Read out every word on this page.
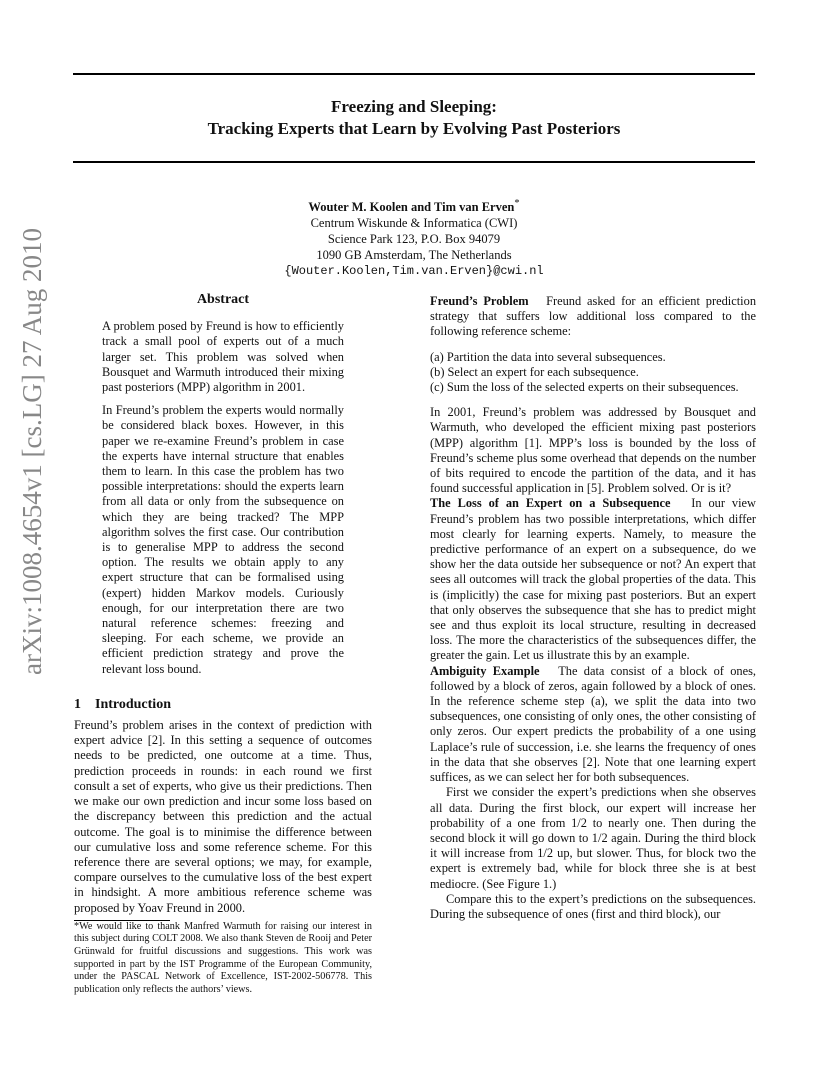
Freezing and Sleeping:
Tracking Experts that Learn by Evolving Past Posteriors
Wouter M. Koolen and Tim van Erven*
Centrum Wiskunde & Informatica (CWI)
Science Park 123, P.O. Box 94079
1090 GB Amsterdam, The Netherlands
{Wouter.Koolen,Tim.van.Erven}@cwi.nl
arXiv:1008.4654v1 [cs.LG] 27 Aug 2010	Abstract

A problem posed by Freund is how to efficiently track a small pool of experts out of a much larger set. This problem was solved when Bousquet and Warmuth introduced their mixing past posteriors (MPP) algorithm in 2001.

In Freund’s problem the experts would normally be considered black boxes. However, in this paper we re-examine Freund’s problem in case the experts have internal structure that enables them to learn. In this case the problem has two possible interpretations: should the experts learn from all data or only from the subsequence on which they are being tracked? The MPP algorithm solves the first case. Our contribution is to generalise MPP to address the second option. The results we obtain apply to any expert structure that can be formalised using (expert) hidden Markov models. Curiously enough, for our interpretation there are two natural reference schemes: freezing and sleeping. For each scheme, we provide an efficient prediction strategy and prove the relevant loss bound.

1 Introduction

Freund’s problem arises in the context of prediction with expert advice [2]. In this setting a sequence of outcomes needs to be predicted, one outcome at a time. Thus, prediction proceeds in rounds: in each round we first consult a set of experts, who give us their predictions. Then we make our own prediction and incur some loss based on the discrepancy between this prediction and the actual outcome. The goal is to minimise the difference between our cumulative loss and some reference scheme. For this reference there are several options; we may, for example, compare ourselves to the cumulative loss of the best expert in hindsight. A more ambitious reference scheme was proposed by Yoav Freund in 2000.

*We would like to thank Manfred Warmuth for raising our interest in this subject during COLT 2008. We also thank Steven de Rooij and Peter Grünwald for fruitful discussions and suggestions. This work was supported in part by the IST Programme of the European Community, under the PASCAL Network of Excellence, IST-2002-506778. This publication only reflects the authors’ views.

Freund’s Problem Freund asked for an efficient prediction strategy that suffers low additional loss compared to the following reference scheme:

(a) Partition the data into several subsequences.
(b) Select an expert for each subsequence.
(c) Sum the loss of the selected experts on their subsequences.

In 2001, Freund’s problem was addressed by Bousquet and Warmuth, who developed the efficient mixing past posteriors (MPP) algorithm [1]. MPP’s loss is bounded by the loss of Freund’s scheme plus some overhead that depends on the number of bits required to encode the partition of the data, and it has found successful application in [5]. Problem solved. Or is it?

The Loss of an Expert on a Subsequence In our view Freund’s problem has two possible interpretations, which differ most clearly for learning experts. Namely, to measure the predictive performance of an expert on a subsequence, do we show her the data outside her subsequence or not? An expert that sees all outcomes will track the global properties of the data. This is (implicitly) the case for mixing past posteriors. But an expert that only observes the subsequence that she has to predict might see and thus exploit its local structure, resulting in decreased loss. The more the characteristics of the subsequences differ, the greater the gain. Let us illustrate this by an example.

Ambiguity Example The data consist of a block of ones, followed by a block of zeros, again followed by a block of ones. In the reference scheme step (a), we split the data into two subsequences, one consisting of only ones, the other consisting of only zeros. Our expert predicts the probability of a one using Laplace’s rule of succession, i.e. she learns the frequency of ones in the data that she observes [2]. Note that one learning expert suffices, as we can select her for both subsequences.

First we consider the expert’s predictions when she observes all data. During the first block, our expert will increase her probability of a one from 1/2 to nearly one. Then during the second block it will go down to 1/2 again. During the third block it will increase from 1/2 up, but slower. Thus, for block two the expert is extremely bad, while for block three she is at best mediocre. (See Figure 1.)

Compare this to the expert’s predictions on the subsequences. During the subsequence of ones (first and third block), our
